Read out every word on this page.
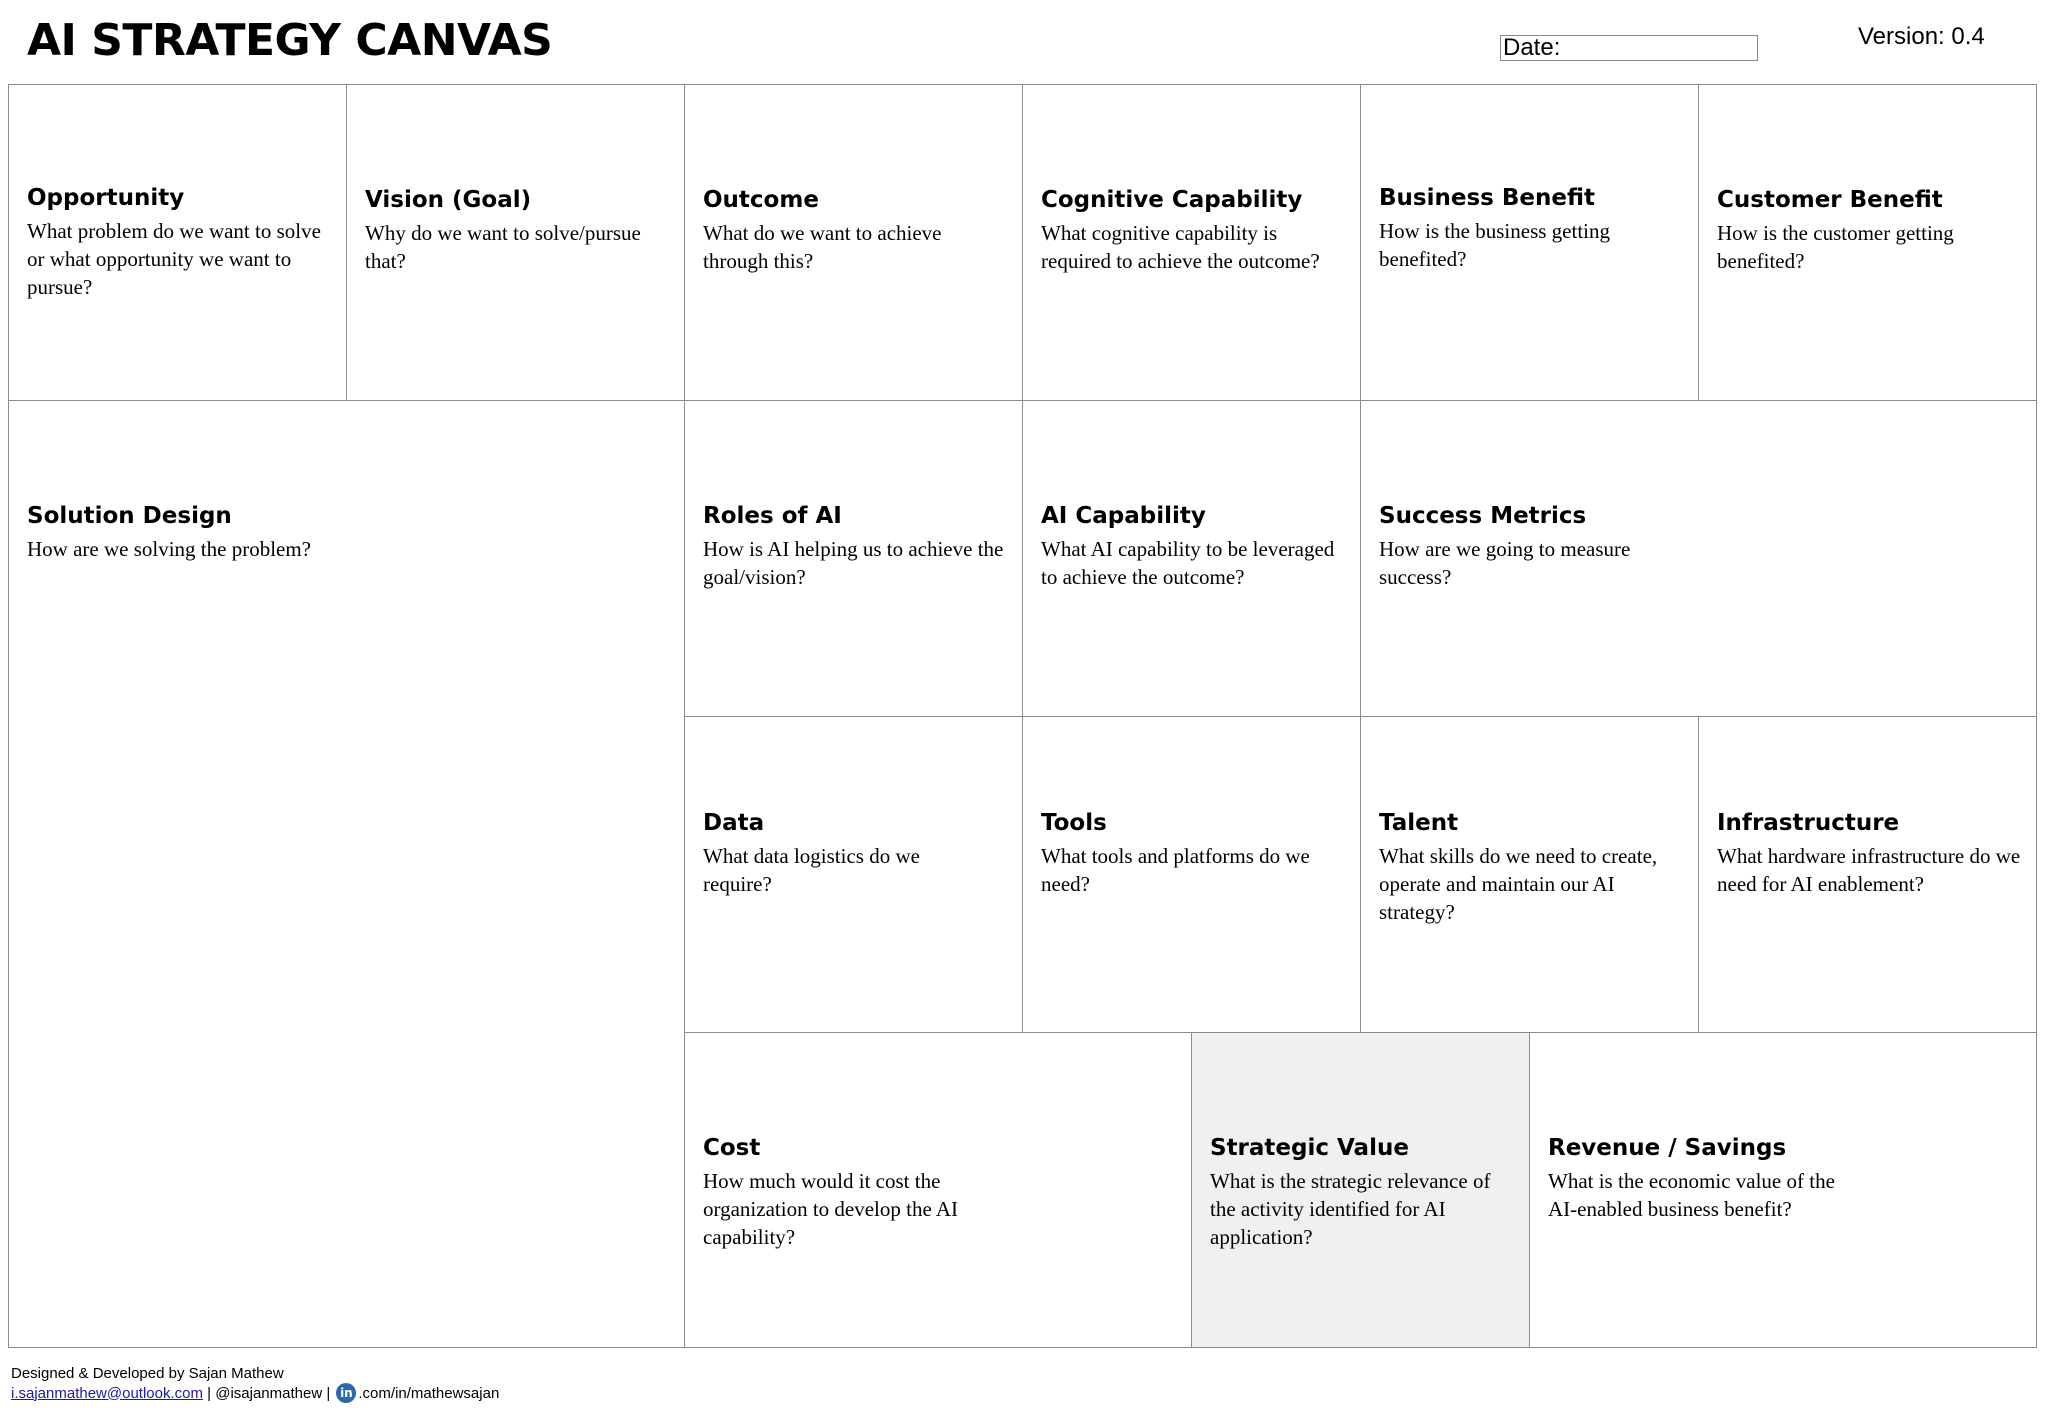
AI STRATEGY CANVAS	Date:	Version: 0.4
Opportunity
What problem do we want to solve or what opportunity we want to pursue?
Vision (Goal)
Why do we want to solve/pursue that?
Outcome
What do we want to achieve through this?
Cognitive Capability
What cognitive capability is required to achieve the outcome?
Business Benefit
How is the business getting benefited?
Customer Benefit
How is the customer getting benefited?
Solution Design
How are we solving the problem?
Roles of AI
How is AI helping us to achieve the goal/vision?
AI Capability
What AI capability to be leveraged to achieve the outcome?
Success Metrics
How are we going to measure success?
Data
What data logistics do we require?
Tools
What tools and platforms do we need?
Talent
What skills do we need to create, operate and maintain our AI strategy?
Infrastructure
What hardware infrastructure do we need for AI enablement?
Cost
How much would it cost the organization to develop the AI capability?
Strategic Value
What is the strategic relevance of the activity identified for AI application?
Revenue / Savings
What is the economic value of the AI-enabled business benefit?
Designed & Developed by Sajan Mathew
i.sajanmathew@outlook.com | @isajanmathew | in .com/in/mathewsajan
